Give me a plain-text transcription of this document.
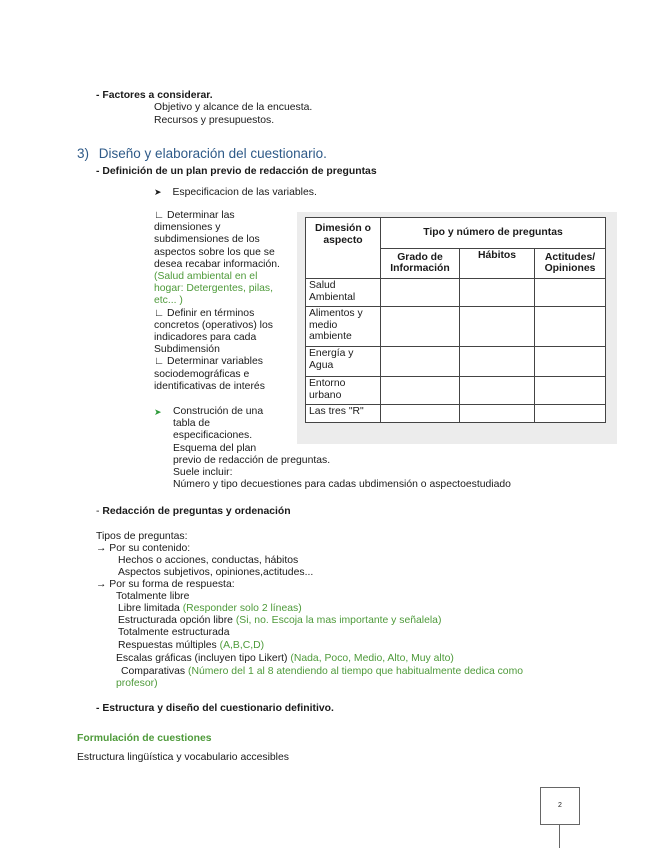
- Factores a considerar.
Objetivo y alcance de la encuesta.
Recursos y presupuestos.
3) Diseño y elaboración del cuestionario.
- Definición de un plan previo de redacción de preguntas
➤ Especificacion de las variables.
∟ Determinar las
dimensiones y
subdimensiones de los
aspectos sobre los que se
desea recabar información.
(Salud ambiental en el
hogar: Detergentes, pilas,
etc... )
∟ Definir en términos
concretos (operativos) los
indicadores para cada
Subdimensión
∟ Determinar variables
sociodemográficas e
identificativas de interés
➤ Construción de una
tabla de
especificaciones.
Esquema del plan
previo de redacción de preguntas.
Suele incluir:
Número y tipo decuestiones para cadas ubdimensión o aspectoestudiado
Dimesión o aspecto	Tipo y número de preguntas		
	Grado de Información	Hábitos	Actitudes/ Opiniones
Salud Ambiental			
Alimentos y medio ambiente			
Energía y Agua			
Entorno urbano			
Las tres "R"			
- Redacción de preguntas y ordenación
Tipos de preguntas:
→ Por su contenido:
Hechos o acciones, conductas, hábitos
Aspectos subjetivos, opiniones,actitudes...
→ Por su forma de respuesta:
Totalmente libre
Libre limitada (Responder solo 2 líneas)
Estructurada opción libre (Si, no. Escoja la mas importante y señalela)
Totalmente estructurada
Respuestas múltiples (A,B,C,D)
Escalas gráficas (incluyen tipo Likert) (Nada, Poco, Medio, Alto, Muy alto)
Comparativas (Número del 1 al 8 atendiendo al tiempo que habitualmente dedica como
profesor)
- Estructura y diseño del cuestionario definitivo.
Formulación de cuestiones
Estructura lingüística y vocabulario accesibles
2
